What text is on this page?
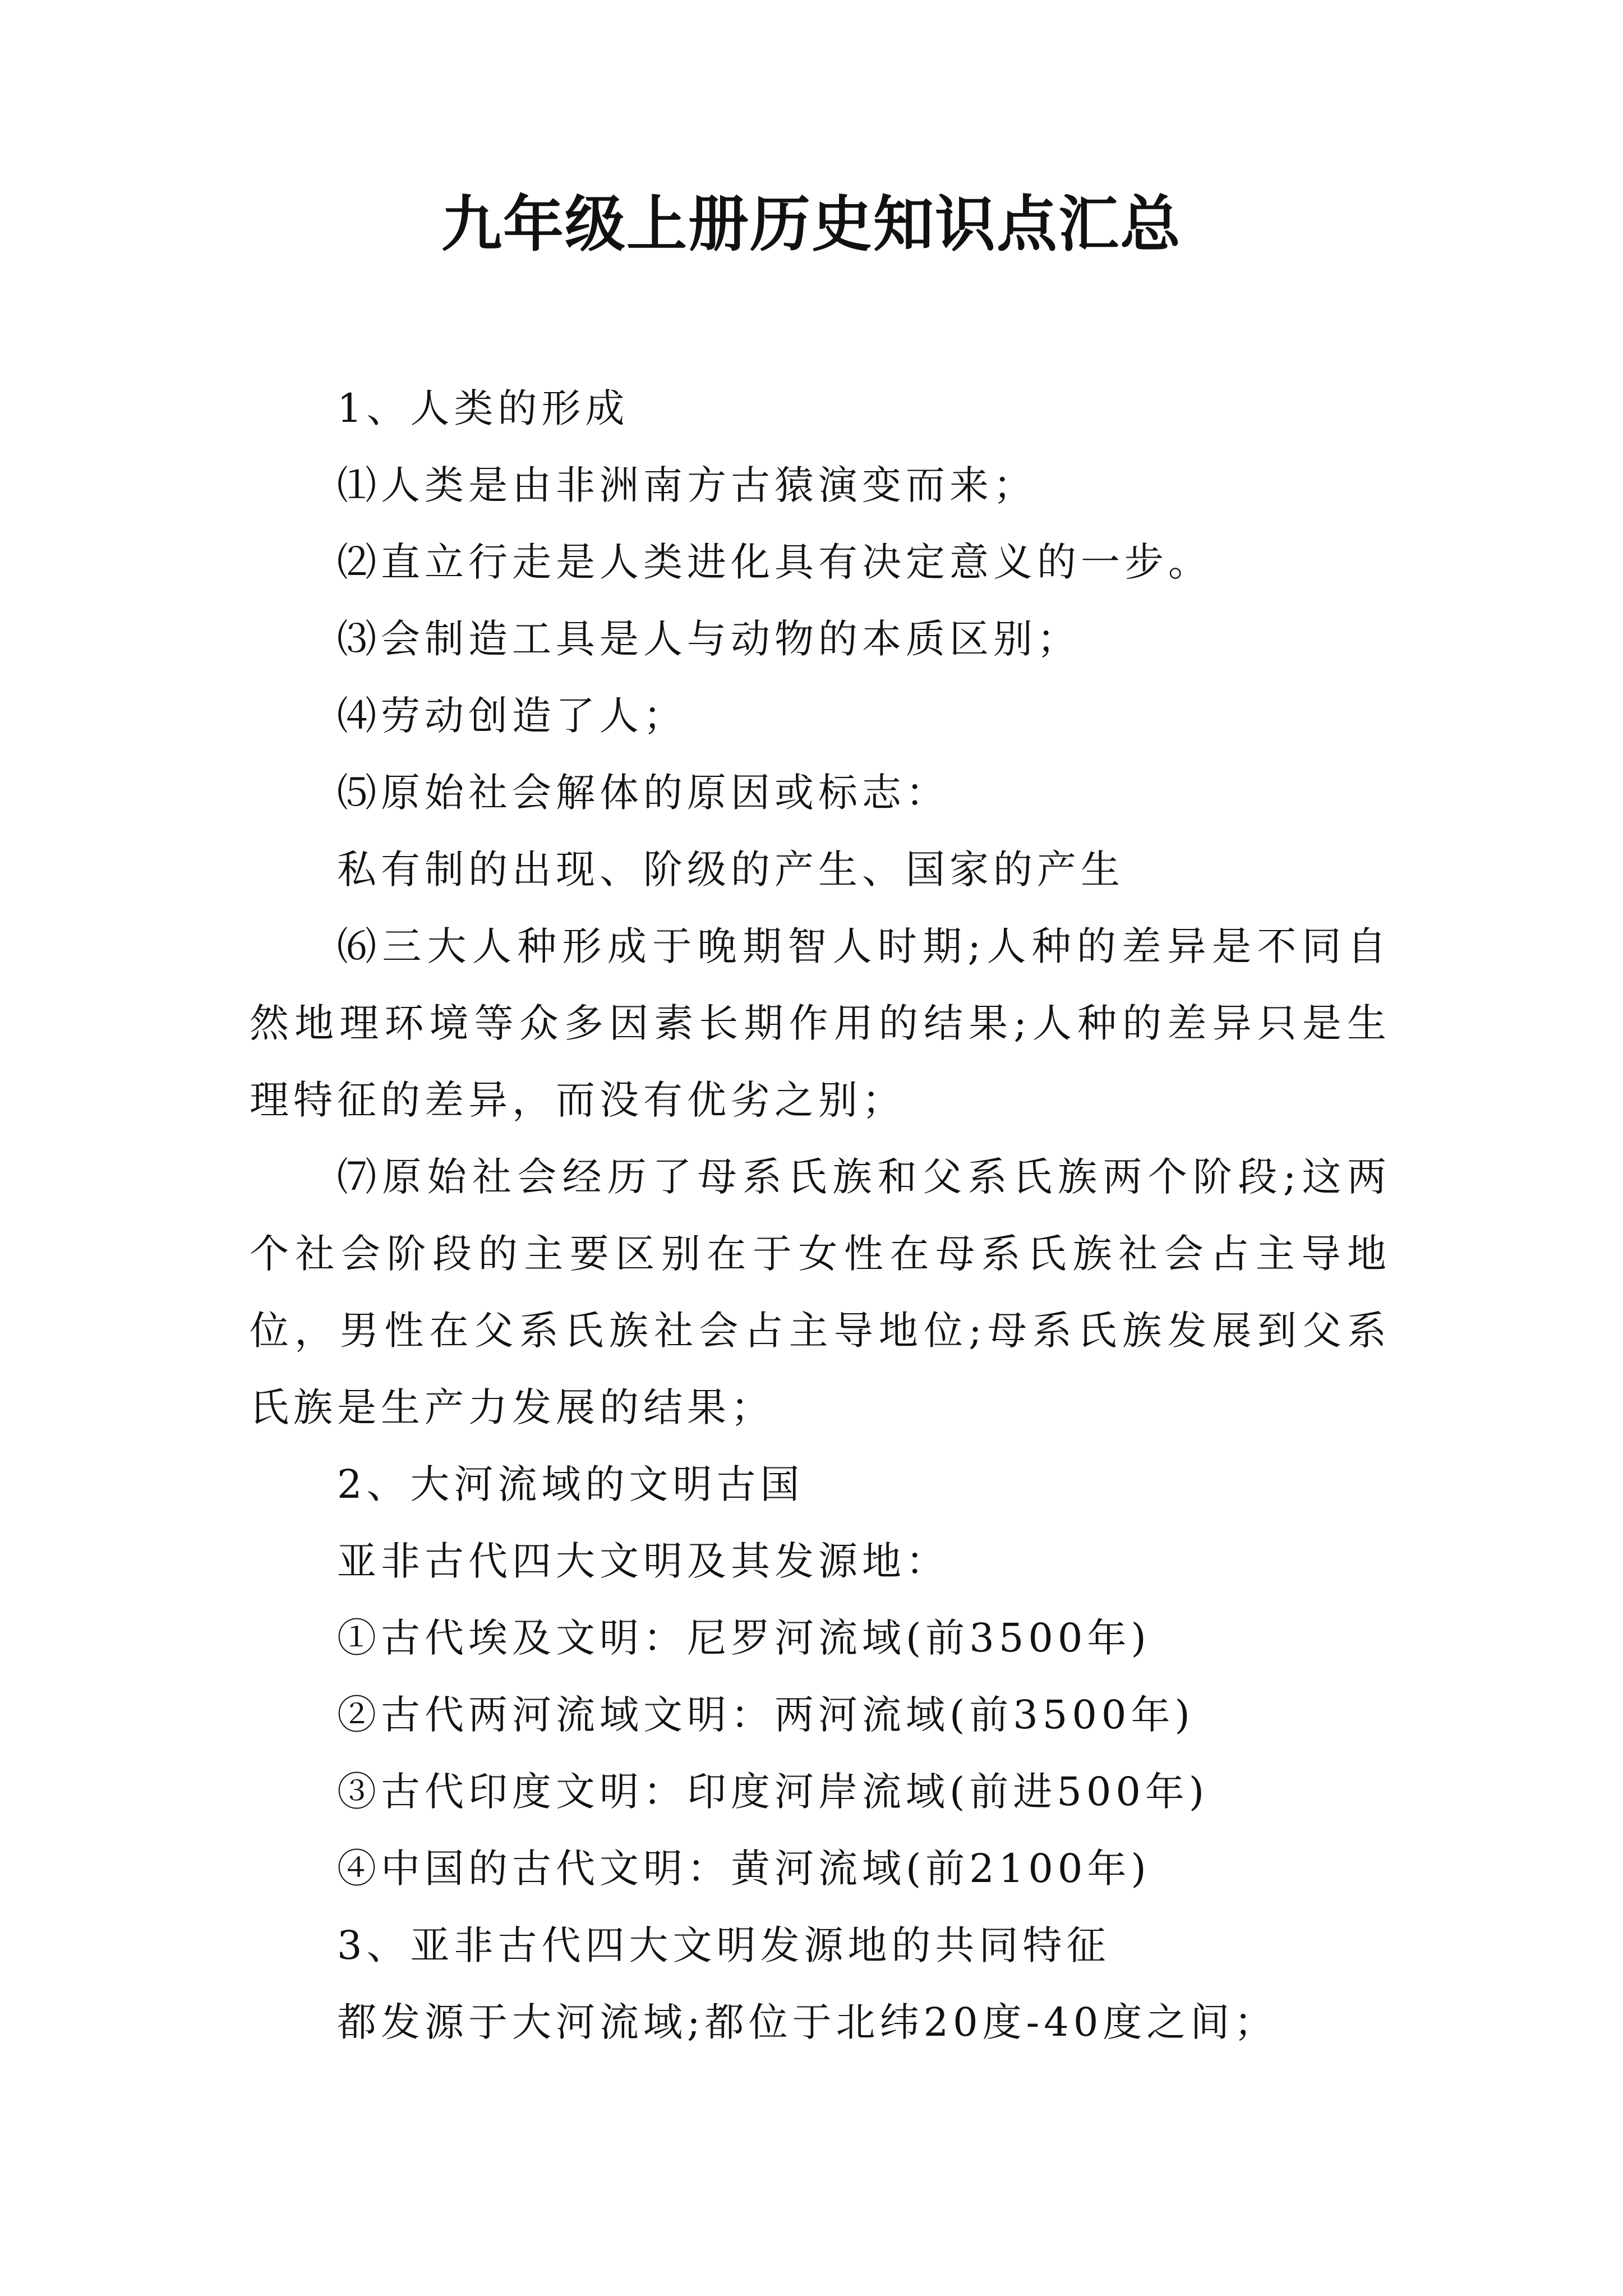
九年级上册历史知识点汇总

1、人类的形成

⑴人类是由非洲南方古猿演变而来；

⑵直立行走是人类进化具有决定意义的一步。

⑶会制造工具是人与动物的本质区别；

⑷劳动创造了人；

⑸原始社会解体的原因或标志：

私有制的出现、阶级的产生、国家的产生

⑹三大人种形成于晚期智人时期;人种的差异是不同自然地理环境等众多因素长期作用的结果;人种的差异只是生理特征的差异，而没有优劣之别；

⑺原始社会经历了母系氏族和父系氏族两个阶段;这两个社会阶段的主要区别在于女性在母系氏族社会占主导地位，男性在父系氏族社会占主导地位;母系氏族发展到父系氏族是生产力发展的结果；

2、大河流域的文明古国

亚非古代四大文明及其发源地：

①古代埃及文明：尼罗河流域(前3500年)

②古代两河流域文明：两河流域(前3500年)

③古代印度文明：印度河岸流域(前进500年)

④中国的古代文明：黄河流域(前2100年)

3、亚非古代四大文明发源地的共同特征

都发源于大河流域;都位于北纬20度-40度之间；
